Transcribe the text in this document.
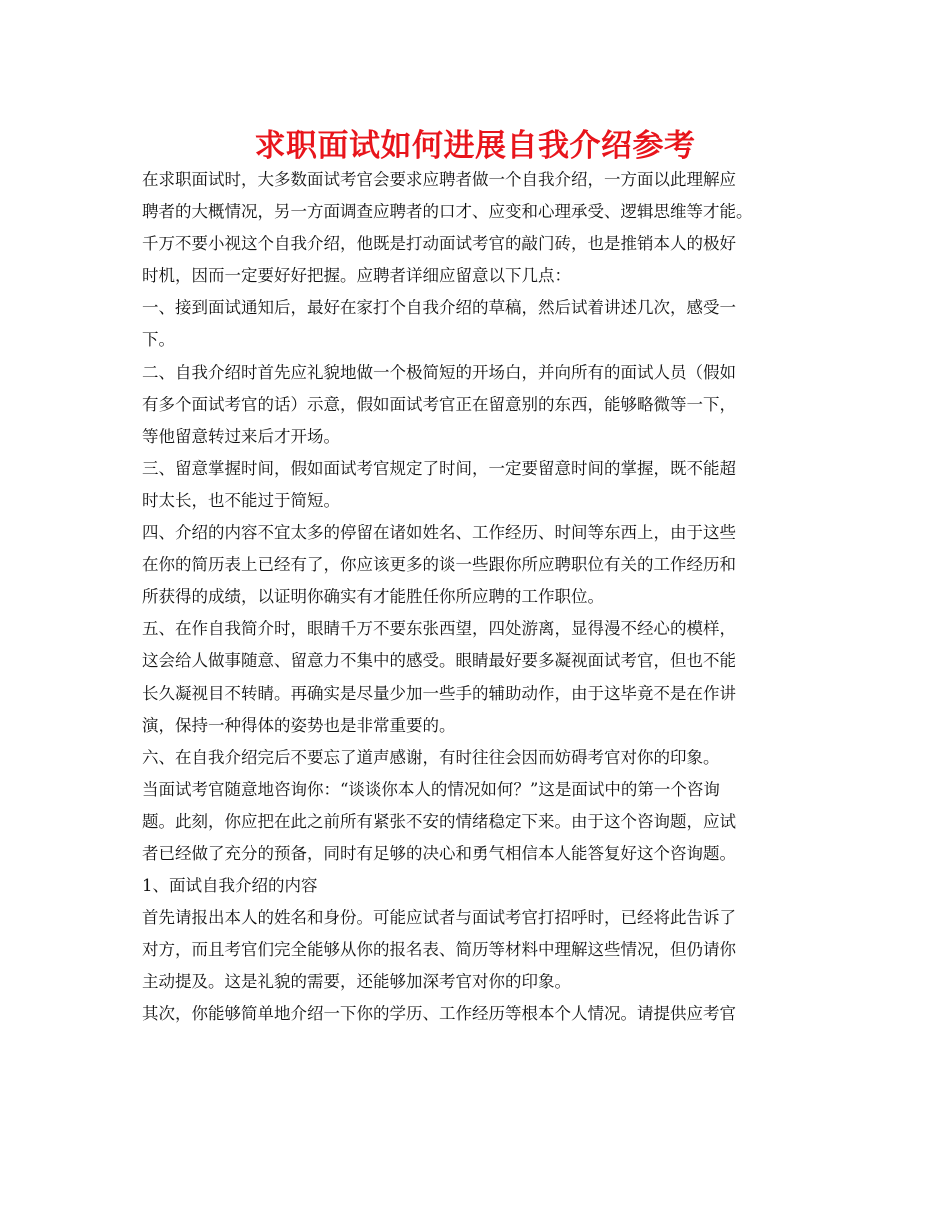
求职面试如何进展自我介绍参考
在求职面试时，大多数面试考官会要求应聘者做一个自我介绍，一方面以此理解应
聘者的大概情况，另一方面调查应聘者的口才、应变和心理承受、逻辑思维等才能。
千万不要小视这个自我介绍，他既是打动面试考官的敲门砖，也是推销本人的极好
时机，因而一定要好好把握。应聘者详细应留意以下几点：
一、接到面试通知后，最好在家打个自我介绍的草稿，然后试着讲述几次，感受一
下。
二、自我介绍时首先应礼貌地做一个极简短的开场白，并向所有的面试人员（假如
有多个面试考官的话）示意，假如面试考官正在留意别的东西，能够略微等一下，
等他留意转过来后才开场。
三、留意掌握时间，假如面试考官规定了时间，一定要留意时间的掌握，既不能超
时太长，也不能过于简短。
四、介绍的内容不宜太多的停留在诸如姓名、工作经历、时间等东西上，由于这些
在你的简历表上已经有了，你应该更多的谈一些跟你所应聘职位有关的工作经历和
所获得的成绩，以证明你确实有才能胜任你所应聘的工作职位。
五、在作自我简介时，眼睛千万不要东张西望，四处游离，显得漫不经心的模样，
这会给人做事随意、留意力不集中的感受。眼睛最好要多凝视面试考官，但也不能
长久凝视目不转睛。再确实是尽量少加一些手的辅助动作，由于这毕竟不是在作讲
演，保持一种得体的姿势也是非常重要的。
六、在自我介绍完后不要忘了道声感谢，有时往往会因而妨碍考官对你的印象。
当面试考官随意地咨询你：“谈谈你本人的情况如何？”这是面试中的第一个咨询
题。此刻，你应把在此之前所有紧张不安的情绪稳定下来。由于这个咨询题，应试
者已经做了充分的预备，同时有足够的决心和勇气相信本人能答复好这个咨询题。
1、面试自我介绍的内容
首先请报出本人的姓名和身份。可能应试者与面试考官打招呼时，已经将此告诉了
对方，而且考官们完全能够从你的报名表、简历等材料中理解这些情况，但仍请你
主动提及。这是礼貌的需要，还能够加深考官对你的印象。
其次，你能够简单地介绍一下你的学历、工作经历等根本个人情况。请提供应考官
